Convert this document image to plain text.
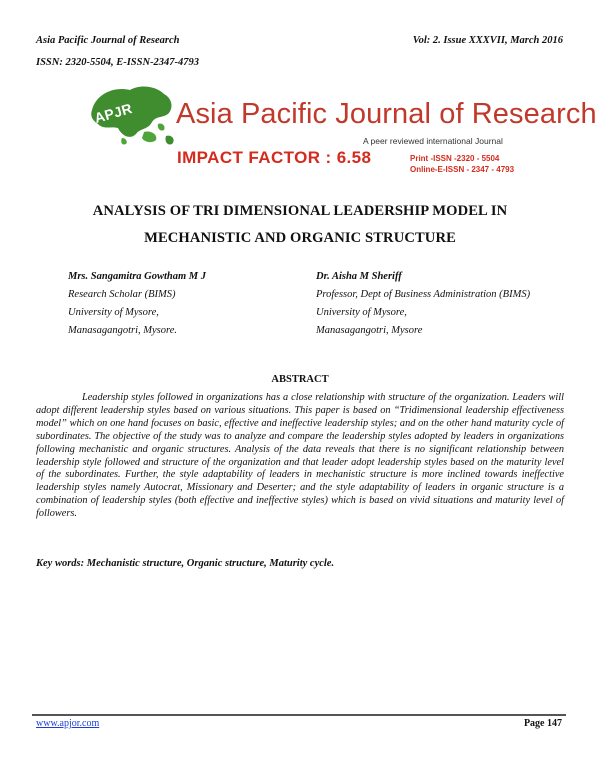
Asia Pacific Journal of Research	Vol: 2. Issue XXXVII, March 2016
ISSN: 2320-5504, E-ISSN-2347-4793
APJR Asia Pacific Journal of Research
A peer reviewed international Journal
IMPACT FACTOR : 6.58	Print -ISSN -2320 - 5504
Online-E-ISSN - 2347 - 4793
ANALYSIS OF TRI DIMENSIONAL LEADERSHIP MODEL IN
MECHANISTIC AND ORGANIC STRUCTURE
Mrs. Sangamitra Gowtham M J
Research Scholar (BIMS)
University of Mysore,
Manasagangotri, Mysore.
Dr. Aisha M Sheriff
Professor, Dept of Business Administration (BIMS)
University of Mysore,
Manasagangotri, Mysore
ABSTRACT

Leadership styles followed in organizations has a close relationship with structure of the organization. Leaders will adopt different leadership styles based on various situations. This paper is based on “Tridimensional leadership effectiveness model” which on one hand focuses on basic, effective and ineffective leadership styles; and on the other hand maturity cycle of subordinates. The objective of the study was to analyze and compare the leadership styles adopted by leaders in organizations following mechanistic and organic structures. Analysis of the data reveals that there is no significant relationship between leadership style followed and structure of the organization and that leader adopt leadership styles based on the maturity level of the subordinates. Further, the style adaptability of leaders in mechanistic structure is more inclined towards ineffective leadership styles namely Autocrat, Missionary and Deserter; and the style adaptability of leaders in organic structure is a combination of leadership styles (both effective and ineffective styles) which is based on vivid situations and maturity level of followers.

Key words: Mechanistic structure, Organic structure, Maturity cycle.
www.apjor.com	Page 147
